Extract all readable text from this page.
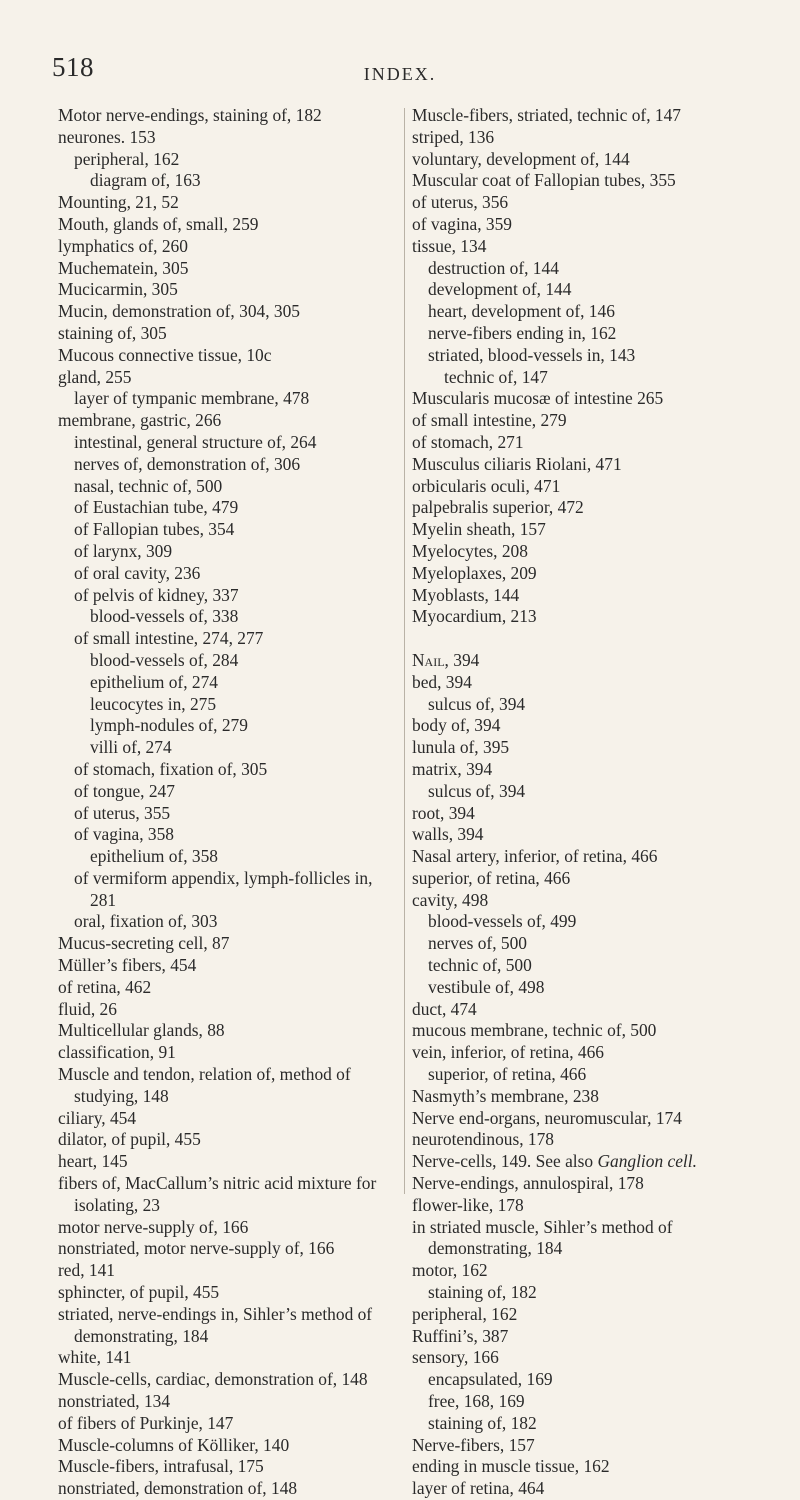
518	INDEX.
Motor nerve-endings, staining of, 182
neurones. 153
peripheral, 162
diagram of, 163
Mounting, 21, 52
Mouth, glands of, small, 259
lymphatics of, 260
Muchematein, 305
Mucicarmin, 305
Mucin, demonstration of, 304, 305
staining of, 305
Mucous connective tissue, 10c
gland, 255
layer of tympanic membrane, 478
membrane, gastric, 266
intestinal, general structure of, 264
nerves of, demonstration of, 306
nasal, technic of, 500
of Eustachian tube, 479
of Fallopian tubes, 354
of larynx, 309
of oral cavity, 236
of pelvis of kidney, 337
blood-vessels of, 338
of small intestine, 274, 277
blood-vessels of, 284
epithelium of, 274
leucocytes in, 275
lymph-nodules of, 279
villi of, 274
of stomach, fixation of, 305
of tongue, 247
of uterus, 355
of vagina, 358
epithelium of, 358
of vermiform appendix, lymph-follicles in, 281
oral, fixation of, 303
Mucus-secreting cell, 87
Müller’s fibers, 454
of retina, 462
fluid, 26
Multicellular glands, 88
classification, 91
Muscle and tendon, relation of, method of studying, 148
ciliary, 454
dilator, of pupil, 455
heart, 145
fibers of, MacCallum’s nitric acid mixture for isolating, 23
motor nerve-supply of, 166
nonstriated, motor nerve-supply of, 166
red, 141
sphincter, of pupil, 455
striated, nerve-endings in, Sihler’s method of demonstrating, 184
white, 141
Muscle-cells, cardiac, demonstration of, 148
nonstriated, 134
of fibers of Purkinje, 147
Muscle-columns of Kölliker, 140
Muscle-fibers, intrafusal, 175
nonstriated, demonstration of, 148
Muscle-fibers, striated, technic of, 147
striped, 136
voluntary, development of, 144
Muscular coat of Fallopian tubes, 355
of uterus, 356
of vagina, 359
tissue, 134
destruction of, 144
development of, 144
heart, development of, 146
nerve-fibers ending in, 162
striated, blood-vessels in, 143
technic of, 147
Muscularis mucosæ of intestine 265
of small intestine, 279
of stomach, 271
Musculus ciliaris Riolani, 471
orbicularis oculi, 471
palpebralis superior, 472
Myelin sheath, 157
Myelocytes, 208
Myeloplaxes, 209
Myoblasts, 144
Myocardium, 213
Nail, 394
bed, 394
sulcus of, 394
body of, 394
lunula of, 395
matrix, 394
sulcus of, 394
root, 394
walls, 394
Nasal artery, inferior, of retina, 466
superior, of retina, 466
cavity, 498
blood-vessels of, 499
nerves of, 500
technic of, 500
vestibule of, 498
duct, 474
mucous membrane, technic of, 500
vein, inferior, of retina, 466
superior, of retina, 466
Nasmyth’s membrane, 238
Nerve end-organs, neuromuscular, 174
neurotendinous, 178
Nerve-cells, 149. See also Ganglion cell.
Nerve-endings, annulospiral, 178
flower-like, 178
in striated muscle, Sihler’s method of demonstrating, 184
motor, 162
staining of, 182
peripheral, 162
Ruffini’s, 387
sensory, 166
encapsulated, 169
free, 168, 169
staining of, 182
Nerve-fibers, 157
ending in muscle tissue, 162
layer of retina, 464
